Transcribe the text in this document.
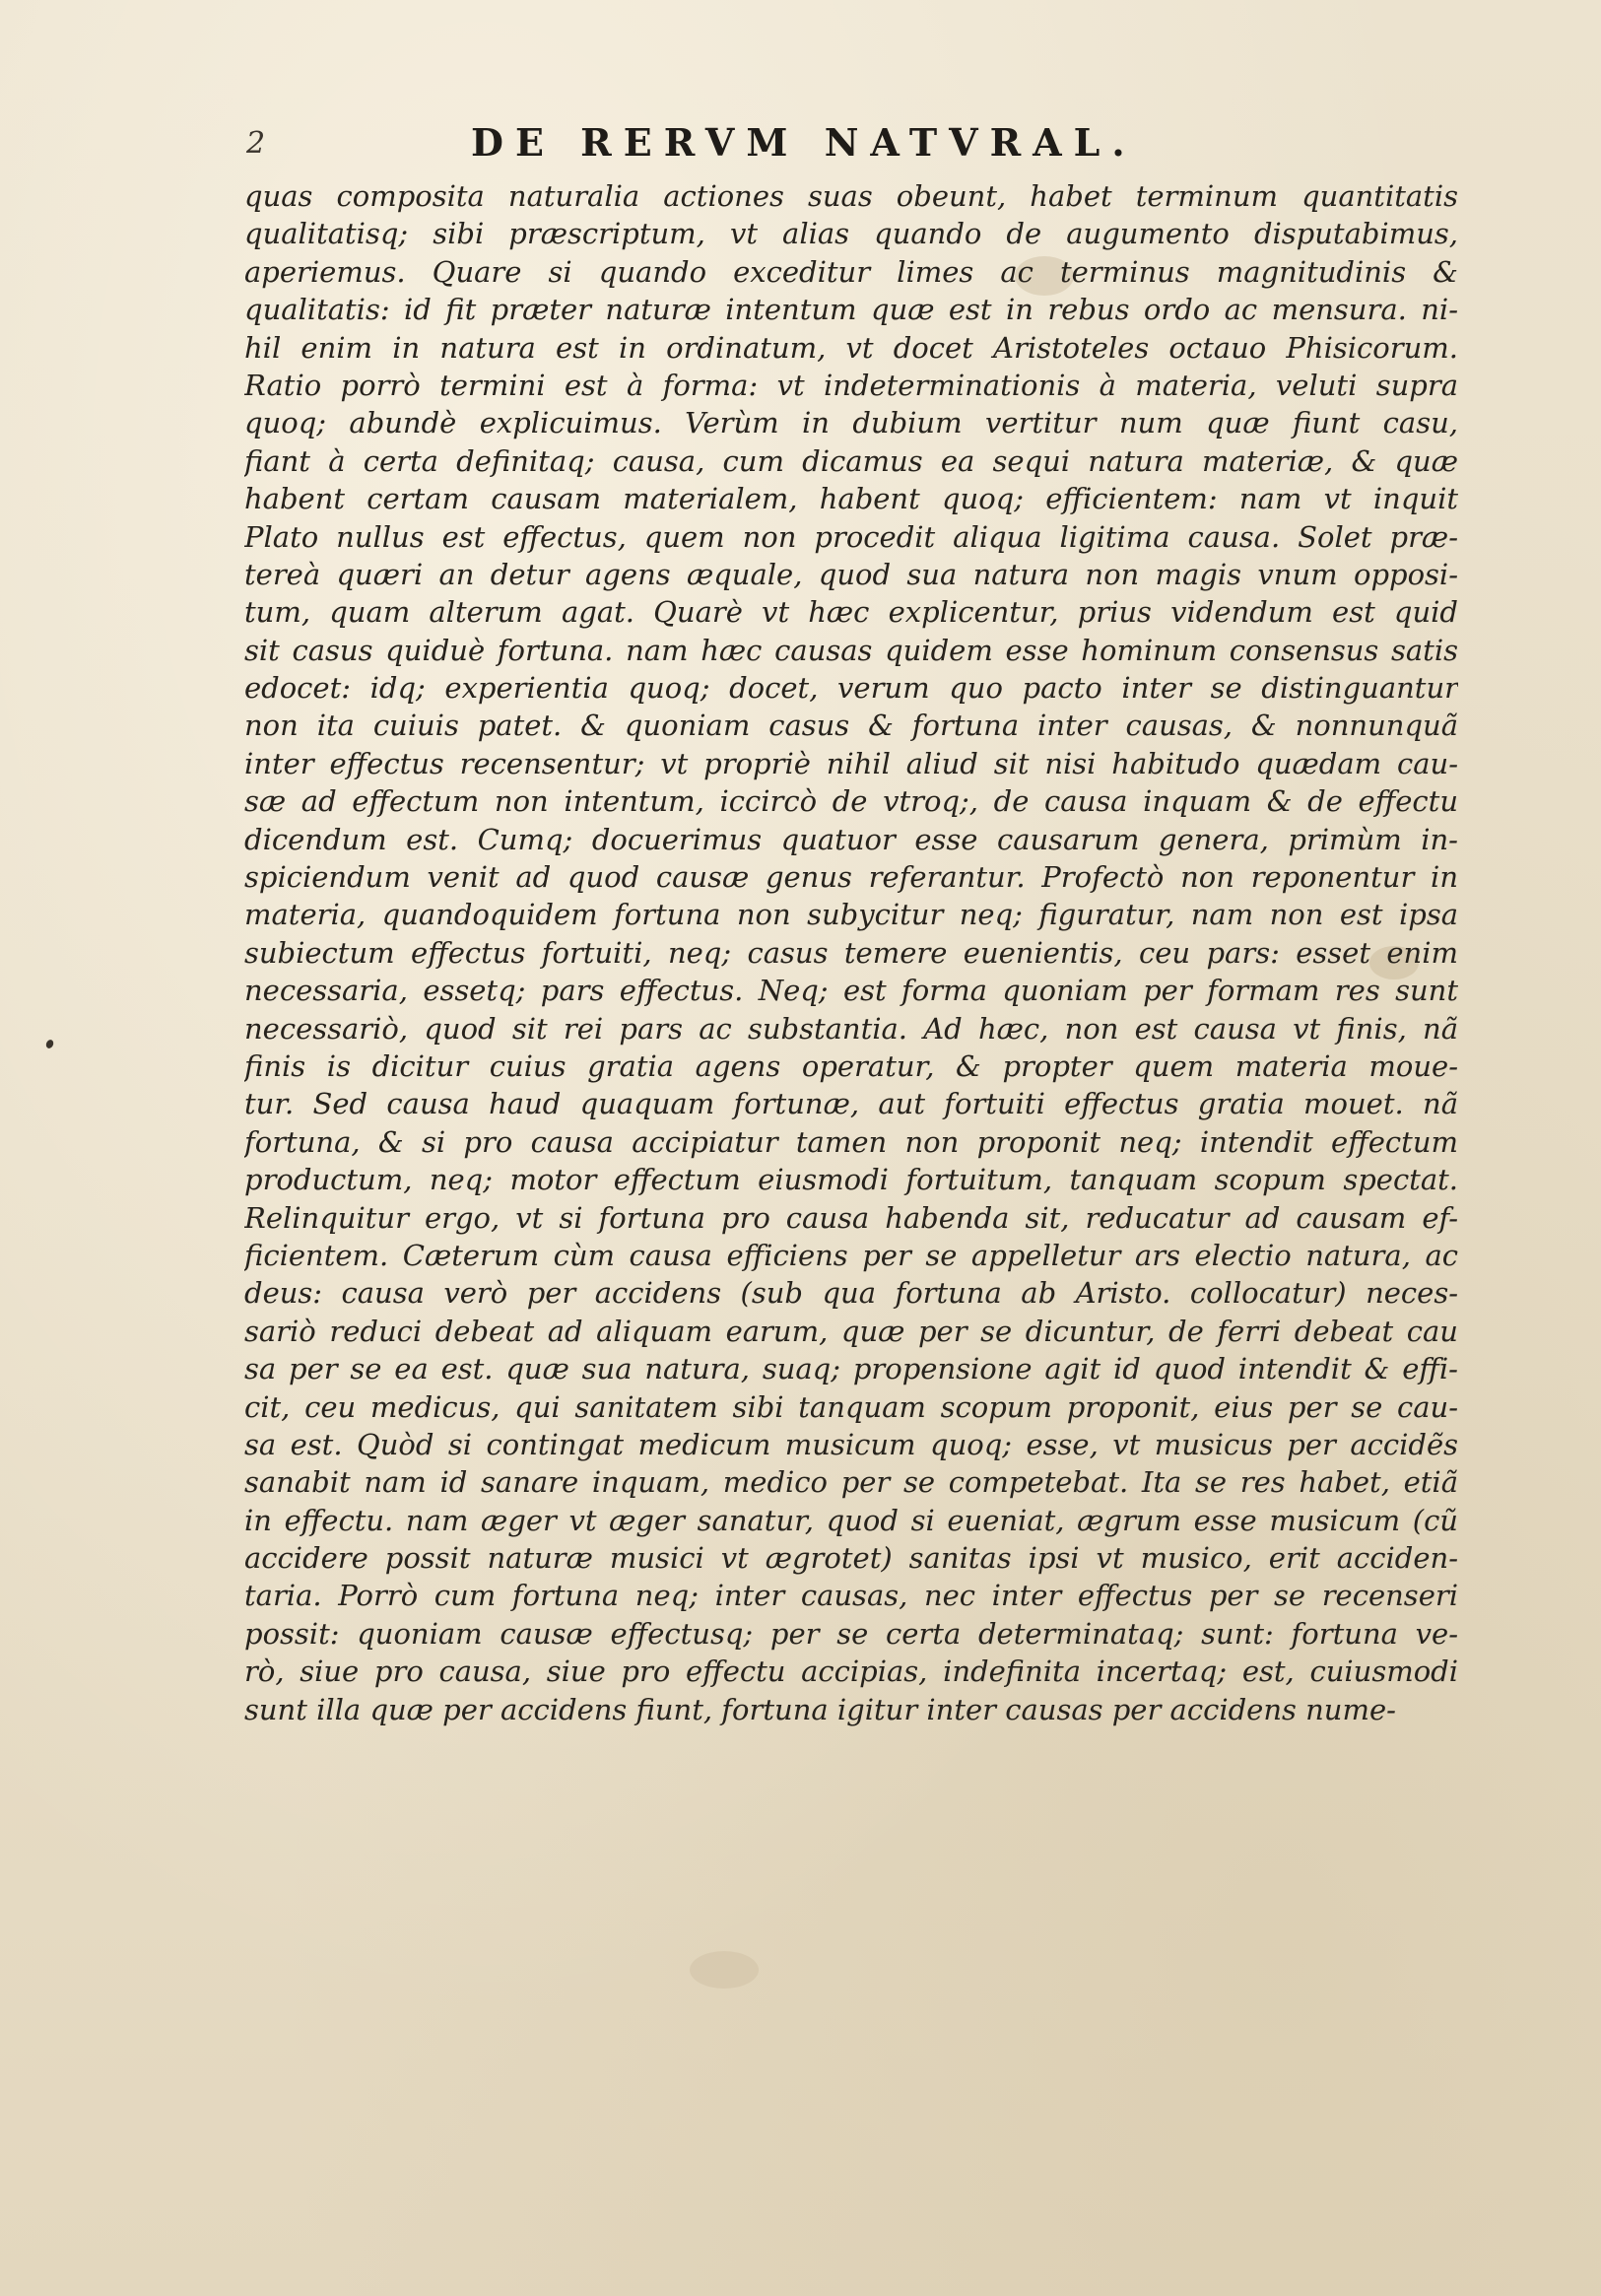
2	DE RERVM NATVRAL.
quas composita naturalia actiones suas obeunt, habet terminum quantitatis
qualitatisq; sibi præscriptum, vt alias quando de augumento disputabimus,
aperiemus. Quare si quando exceditur limes ac terminus magnitudinis &
qualitatis: id fit præter naturæ intentum quæ est in rebus ordo ac mensura. ni-
hil enim in natura est in ordinatum, vt docet Aristoteles octauo Phisicorum.
Ratio porrò termini est à forma: vt indeterminationis à materia, veluti supra
quoq; abundè explicuimus. Verùm in dubium vertitur num quæ fiunt casu,
fiant à certa definitaq; causa, cum dicamus ea sequi natura materiæ, & quæ
habent certam causam materialem, habent quoq; efficientem: nam vt inquit
Plato nullus est effectus, quem non procedit aliqua ligitima causa. Solet præ-
tereà quæri an detur agens æquale, quod sua natura non magis vnum opposi-
tum, quam alterum agat. Quarè vt hæc explicentur, prius videndum est quid
sit casus quiduè fortuna. nam hæc causas quidem esse hominum consensus satis
edocet: idq; experientia quoq; docet, verum quo pacto inter se distinguantur
non ita cuiuis patet. & quoniam casus & fortuna inter causas, & nonnunquã
inter effectus recensentur; vt propriè nihil aliud sit nisi habitudo quædam cau-
sæ ad effectum non intentum, iccircò de vtroq;, de causa inquam & de effectu
dicendum est. Cumq; docuerimus quatuor esse causarum genera, primùm in-
spiciendum venit ad quod causæ genus referantur. Profectò non reponentur in
materia, quandoquidem fortuna non subycitur neq; figuratur, nam non est ipsa
subiectum effectus fortuiti, neq; casus temere euenientis, ceu pars: esset enim
necessaria, essetq; pars effectus. Neq; est forma quoniam per formam res sunt
necessariò, quod sit rei pars ac substantia. Ad hæc, non est causa vt finis, nã
finis is dicitur cuius gratia agens operatur, & propter quem materia moue-
tur. Sed causa haud quaquam fortunæ, aut fortuiti effectus gratia mouet. nã
fortuna, & si pro causa accipiatur tamen non proponit neq; intendit effectum
productum, neq; motor effectum eiusmodi fortuitum, tanquam scopum spectat.
Relinquitur ergo, vt si fortuna pro causa habenda sit, reducatur ad causam ef-
ficientem. Cæterum cùm causa efficiens per se appelletur ars electio natura, ac
deus: causa verò per accidens (sub qua fortuna ab Aristo. collocatur) neces-
sariò reduci debeat ad aliquam earum, quæ per se dicuntur, de ferri debeat cau
sa per se ea est. quæ sua natura, suaq; propensione agit id quod intendit & effi-
cit, ceu medicus, qui sanitatem sibi tanquam scopum proponit, eius per se cau-
sa est. Quòd si contingat medicum musicum quoq; esse, vt musicus per accidẽs
sanabit nam id sanare inquam, medico per se competebat. Ita se res habet, etiã
in effectu. nam æger vt æger sanatur, quod si eueniat, ægrum esse musicum (cũ
accidere possit naturæ musici vt ægrotet) sanitas ipsi vt musico, erit acciden-
taria. Porrò cum fortuna neq; inter causas, nec inter effectus per se recenseri
possit: quoniam causæ effectusq; per se certa determinataq; sunt: fortuna ve-
rò, siue pro causa, siue pro effectu accipias, indefinita incertaq; est, cuiusmodi
sunt illa quæ per accidens fiunt, fortuna igitur inter causas per accidens nume-
